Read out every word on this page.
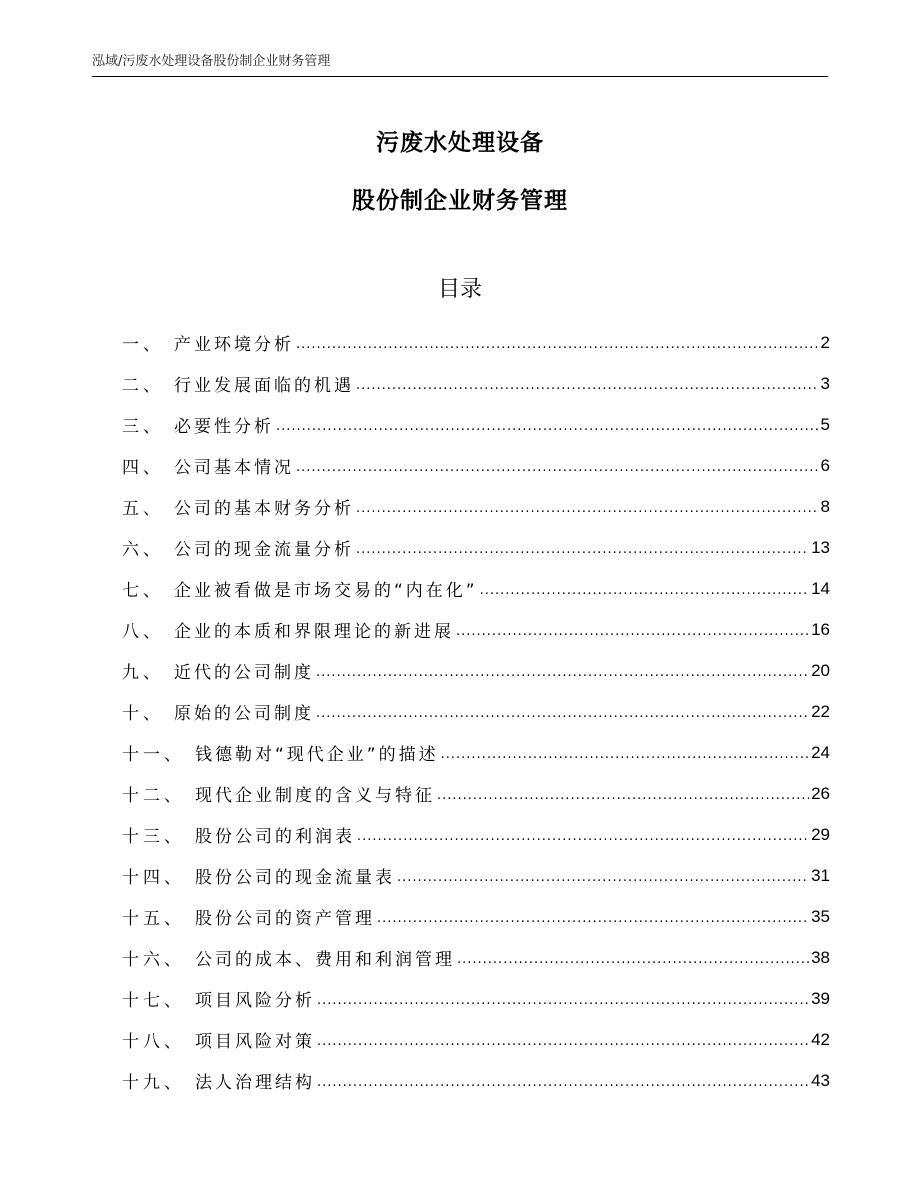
泓域/污废水处理设备股份制企业财务管理
污废水处理设备
股份制企业财务管理
目录
一 、 产业环境分析 .....	2
二 、 行业发展面临的机遇 .....	3
三 、 必要性分析 .....	5
四 、 公司基本情况 .....	6
五 、 公司的基本财务分析 .....	8
六 、 公司的现金流量分析 .....	13
七 、 企业被看做是市场交易的“内在化” .....	14
八 、 企业的本质和界限理论的新进展 .....	16
九 、 近代的公司制度 .....	20
十 、 原始的公司制度 .....	22
十一 、 钱德勒对“现代企业”的描述 .....	24
十二 、 现代企业制度的含义与特征 .....	26
十三 、 股份公司的利润表 .....	29
十四 、 股份公司的现金流量表 .....	31
十五 、 股份公司的资产管理 .....	35
十六 、 公司的成本、费用和利润管理 .....	38
十七 、 项目风险分析 .....	39
十八 、 项目风险对策 .....	42
十九 、 法人治理结构 .....	43
